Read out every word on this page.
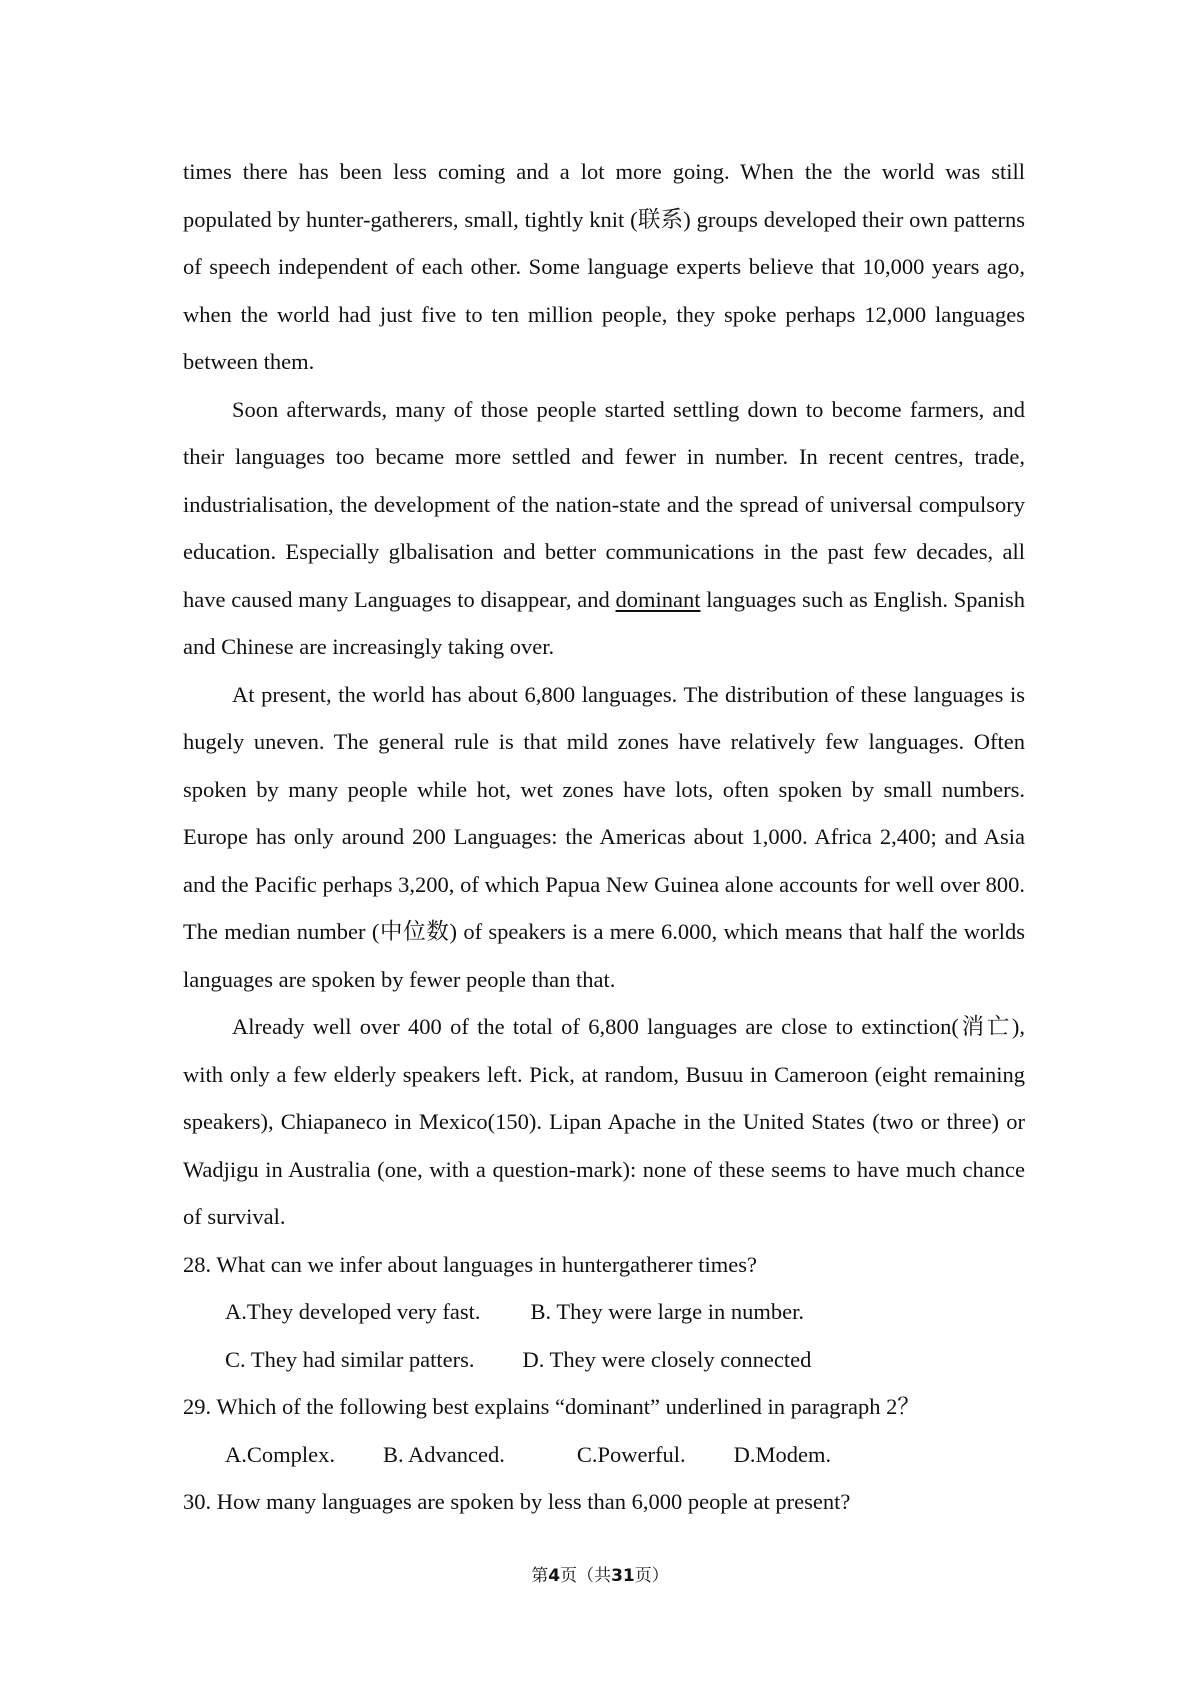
times there has been less coming and a lot more going. When the the world was still populated by hunter-gatherers, small, tightly knit (联系) groups developed their own patterns of speech independent of each other. Some language experts believe that 10,000 years ago, when the world had just five to ten million people, they spoke perhaps 12,000 languages between them.

Soon afterwards, many of those people started settling down to become farmers, and their languages too became more settled and fewer in number. In recent centres, trade, industrialisation, the development of the nation-state and the spread of universal compulsory education. Especially glbalisation and better communications in the past few decades, all have caused many Languages to disappear, and dominant languages such as English. Spanish and Chinese are increasingly taking over.

At present, the world has about 6,800 languages. The distribution of these languages is hugely uneven. The general rule is that mild zones have relatively few languages. Often spoken by many people while hot, wet zones have lots, often spoken by small numbers. Europe has only around 200 Languages: the Americas about 1,000. Africa 2,400; and Asia and the Pacific perhaps 3,200, of which Papua New Guinea alone accounts for well over 800. The median number (中位数) of speakers is a mere 6.000, which means that half the worlds languages are spoken by fewer people than that.

Already well over 400 of the total of 6,800 languages are close to extinction(消亡), with only a few elderly speakers left. Pick, at random, Busuu in Cameroon (eight remaining speakers), Chiapaneco in Mexico(150). Lipan Apache in the United States (two or three) or Wadjigu in Australia (one, with a question-mark): none of these seems to have much chance of survival.

28. What can we infer about languages in huntergatherer times?

A.They developed very fast. B. They were large in number.

C. They had similar patters. D. They were closely connected

29. Which of the following best explains “dominant” underlined in paragraph 2？

A.Complex. B. Advanced.	C.Powerful. D.Modem.

30. How many languages are spoken by less than 6,000 people at present?

第4页（共31页）
